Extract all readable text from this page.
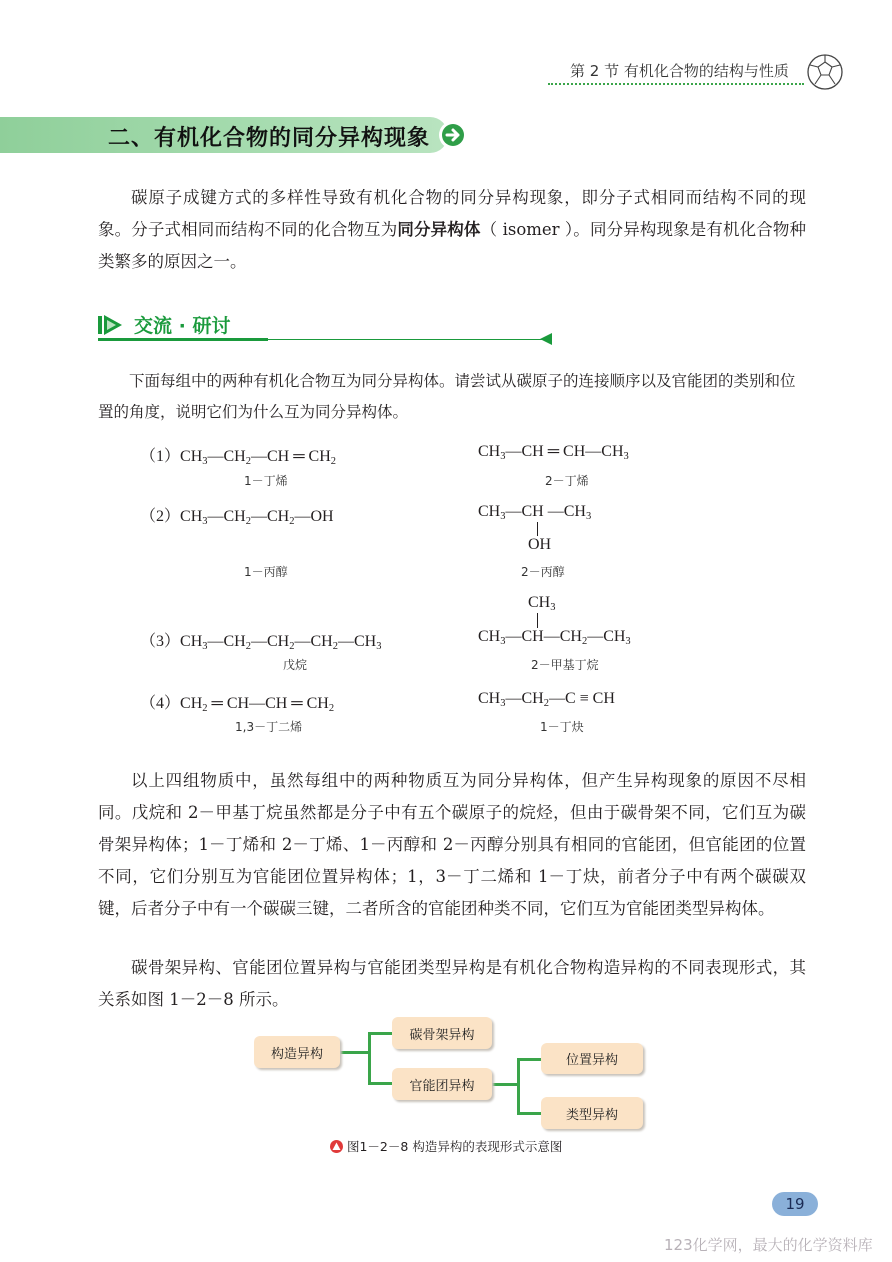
第 2 节 有机化合物的结构与性质
二、有机化合物的同分异构现象

碳原子成键方式的多样性导致有机化合物的同分异构现象，即分子式相同而结构不同的现象。分子式相同而结构不同的化合物互为同分异构体（ isomer ）。同分异构现象是有机化合物种类繁多的原因之一。

交流 · 研讨
下面每组中的两种有机化合物互为同分异构体。请尝试从碳原子的连接顺序以及官能团的类别和位置的角度，说明它们为什么互为同分异构体。
$(1)CH_3—CH_2—CH$ ═ $CH_2$
1－丁烯
$CH_3—CH$ ═ $CH—CH_3$
2－丁烯
$(2)CH_3—CH_2—CH_2—OH$
1－丙醇
$CH_3—CH$ $—CH_3$
OH
2－丙醇
$CH_3$
$(3)CH_3—CH_2—CH_2—CH_2—CH_3$
戊烷
$CH_3—CH—CH_2—CH_3$
2－甲基丁烷
$(4)CH_2$ ═ CH—CH ═ $CH_2$
1,3－丁二烯
$CH_3—CH_2—C$ ≡ CH
1－丁炔

以上四组物质中，虽然每组中的两种物质互为同分异构体，但产生异构现象的原因不尽相同。戊烷和 2－甲基丁烷虽然都是分子中有五个碳原子的烷烃，但由于碳骨架不同，它们互为碳骨架异构体；1－丁烯和 2－丁烯、1－丙醇和 2－丙醇分别具有相同的官能团，但官能团的位置不同，它们分别互为官能团位置异构体；1，3－丁二烯和 1－丁炔，前者分子中有两个碳碳双键，后者分子中有一个碳碳三键，二者所含的官能团种类不同，它们互为官能团类型异构体。

碳骨架异构、官能团位置异构与官能团类型异构是有机化合物构造异构的不同表现形式，其关系如图 1－2－8 所示。

构造异构
碳骨架异构
官能团异构
位置异构
类型异构
图1－2－8 构造异构的表现形式示意图
19
123化学网，最大的化学资料库
